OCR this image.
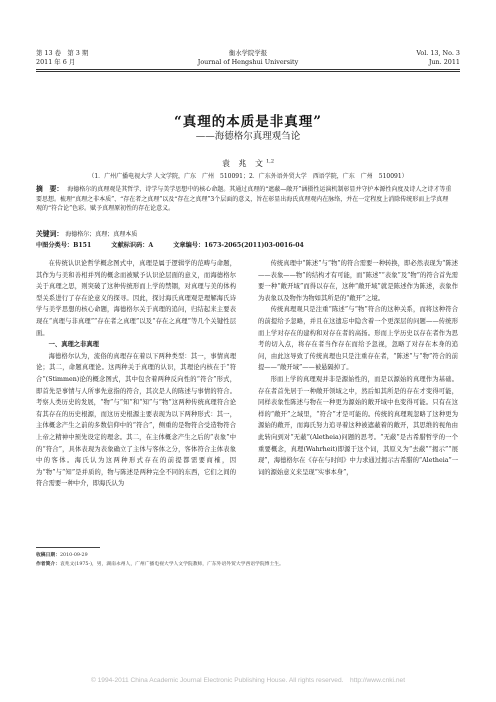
第 13 卷　第 3 期
2011 年 6 月
衡水学院学报
Journal of Hengshui University
Vol. 13, No. 3
Jun. 2011
“真理的本质是非真理”
——海德格尔真理观刍论
袁 兆 文$^{1,2}$
（1．广州广播电视大学 人文学院，广东　广州　510091；2．广东外语外贸大学　西语学院，广东　广州　510091）
摘　要： 海德格尔的真理观是其哲学、诗学与美学思想中的核心命题。其通过真理的“遮蔽—敞开”涵摄性运演机制彰显并守护本源性向度及诗人之诗才等重要思想。梳理“真理之非本质”、“存在者之真理”以及“存在之真理”3个层面的意义，旨在彰显出海氏真理观内在脉络，并在一定程度上消除传统形而上学真理观的“符合论”色彩。赋予真理原初性的存在论意义。
关键词： 海德格尔；真理；真理本质
中图分类号：B151	文献标识码：A	文章编号：1673-2065(2011)03-0016-04

在传统认识论哲学概念图式中，真理是属于逻辑学的范畴与命题，其作为与美和善相并列的概念而被赋予认识论层面的意义，而海德格尔关于真理之思，则突破了这种传统形而上学的禁锢，对真理与美的体构型关系进行了存在论意义的探寻。因此，探讨海氏真理观是理解海氏诗学与美学思想的核心命题，海德格尔关于真理的追问，归结起来主要表现在“真理与非真理”“存在者之真理”以及“存在之真理”等几个关键性层面。

一、真理之非真理

海德格尔认为，流俗的真理存在着以下两种类型：其一，事情真理论；其二，命题真理论。这两种关于真理的认识，其理论内核在于“符合”(Stimmen)论的概念图式，其中包含着两种反向性的“符合”形式，即首先是事情与人所事先意指的符合，其次是人的陈述与事情的符合。考察人类历史的发展，“物”与“知”和“知”与“物”这两种传统真理符合论有其存在的历史根源，而这历史根源主要表现为以下两种形式：其一，主体概念产生之前的多数信仰中的“符合”，侧重的是物符合受造物符合上帝之精神中预先设定的理念。其二，在主体概念产生之后的“表象”中的“符合”，具体表现为表象确立了主体与客体之分，客体符合主体表象中的客体。海氏认为这两种形式存在的前提都需要商榷，因为“物”与“知”是并质的，物与陈述是两种完全不同的东西，它们之间的符合需要一种中介，即海氏认为

传统真理中“陈述”与“物”的符合需要一种转换，即必然表现为“陈述——表象——物”的结构才有可能，而“陈述”“表象”及“物”的符合首先需要一种“敞开域”而得以存在，这种“敞开域”就是陈述作为陈述，表象作为表象以及物作为物如其所是的“敞开”之境。

传统真理观只是注重“陈述”与“物”符合的这种关系，而将这种符合的前提给予忽略，并且在这遗忘中隐含着一个更深层的问题——传统形而上学对存在的建构和对存在者的高扬。形而上学历史以存在者作为思考的切入点，将存在者当作存在而给予忽视，忽略了对存在本身的追问，由此这导致了传统真理也只是注重存在者，“陈述”与“物”符合的前提——“敞开域”——被悬隔掉了。

形而上学的真理观并非是源始性的，而是以源始的真理作为基础。存在者首先居于一种敞开领域之中，然后如其所是的存在才变得可能，同样表象性陈述与物在一种更为源始的敞开域中也变得可能。只有在这样的“敞开”之域里，“符合”才是可能的。传统的真理观忽略了这种更为源始的敞开，而海氏努力追寻着这种被遮蔽着的敞开，其思维的视角由此转向到对“无蔽”(Aletheia)问题的思考。“无蔽”是古希腊哲学的一个重要概念，真理(Wahrheit)即源于这个词，其原义为“去蔽”“揭示”“展现”，海德格尔在《存在与时间》中力求通过揭示古希腊的“Aletheia”一词的源始意义来呈现“实事本身”，

收稿日期：2010-09-29
作者简介：袁兆文(1975-)，男，湖南永州人，广州广播电视大学人文学院教师，广东外语外贸大学西语学院博士生。
© 1994-2011 China Academic Journal Electronic Publishing House. All rights reserved.　http://www.cnki.net
